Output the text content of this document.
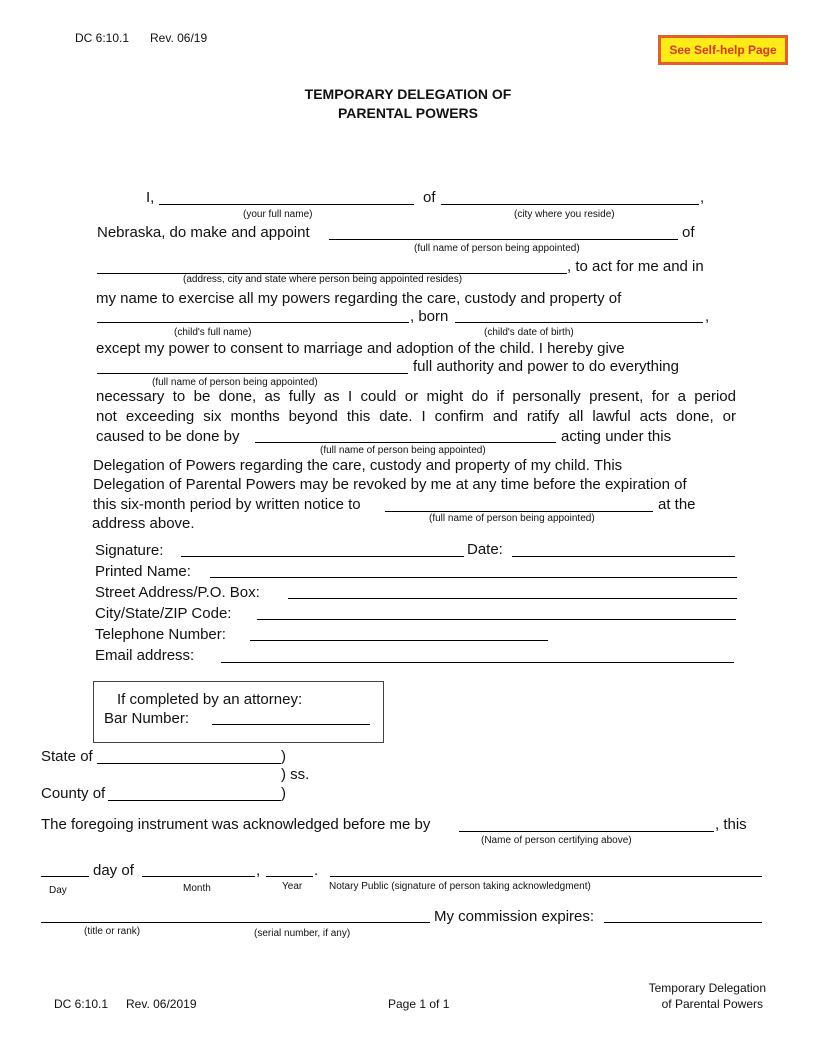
DC 6:10.1 Rev. 06/19
See Self-help Page
TEMPORARY DELEGATION OF
PARENTAL POWERS
I,	of	,
(your full name)	(city where you reside)
Nebraska, do make and appoint	of
(full name of person being appointed)
, to act for me and in
(address, city and state where person being appointed resides)
my name to exercise all my powers regarding the care, custody and property of
, born	,
(child's full name)	(child's date of birth)
except my power to consent to marriage and adoption of the child. I hereby give
full authority and power to do everything
(full name of person being appointed)
necessary to be done, as fully as I could or might do if personally present, for a period
not exceeding six months beyond this date. I confirm and ratify all lawful acts done, or
caused to be done by	acting under this
(full name of person being appointed)
Delegation of Powers regarding the care, custody and property of my child. This
Delegation of Parental Powers may be revoked by me at any time before the expiration of
this six-month period by written notice to	at the
(full name of person being appointed)
address above.
Signature:	Date:
Printed Name:
Street Address/P.O. Box:
City/State/ZIP Code:
Telephone Number:
Email address:
If completed by an attorney:
Bar Number:
State of	)
) ss.
County of	)
The foregoing instrument was acknowledged before me by	, this
(Name of person certifying above)
day of	,	.
Day	Month	Year	Notary Public (signature of person taking acknowledgment)
My commission expires:
(title or rank)	(serial number, if any)
DC 6:10.1 Rev. 06/2019	Page 1 of 1
Temporary Delegation
of Parental Powers
